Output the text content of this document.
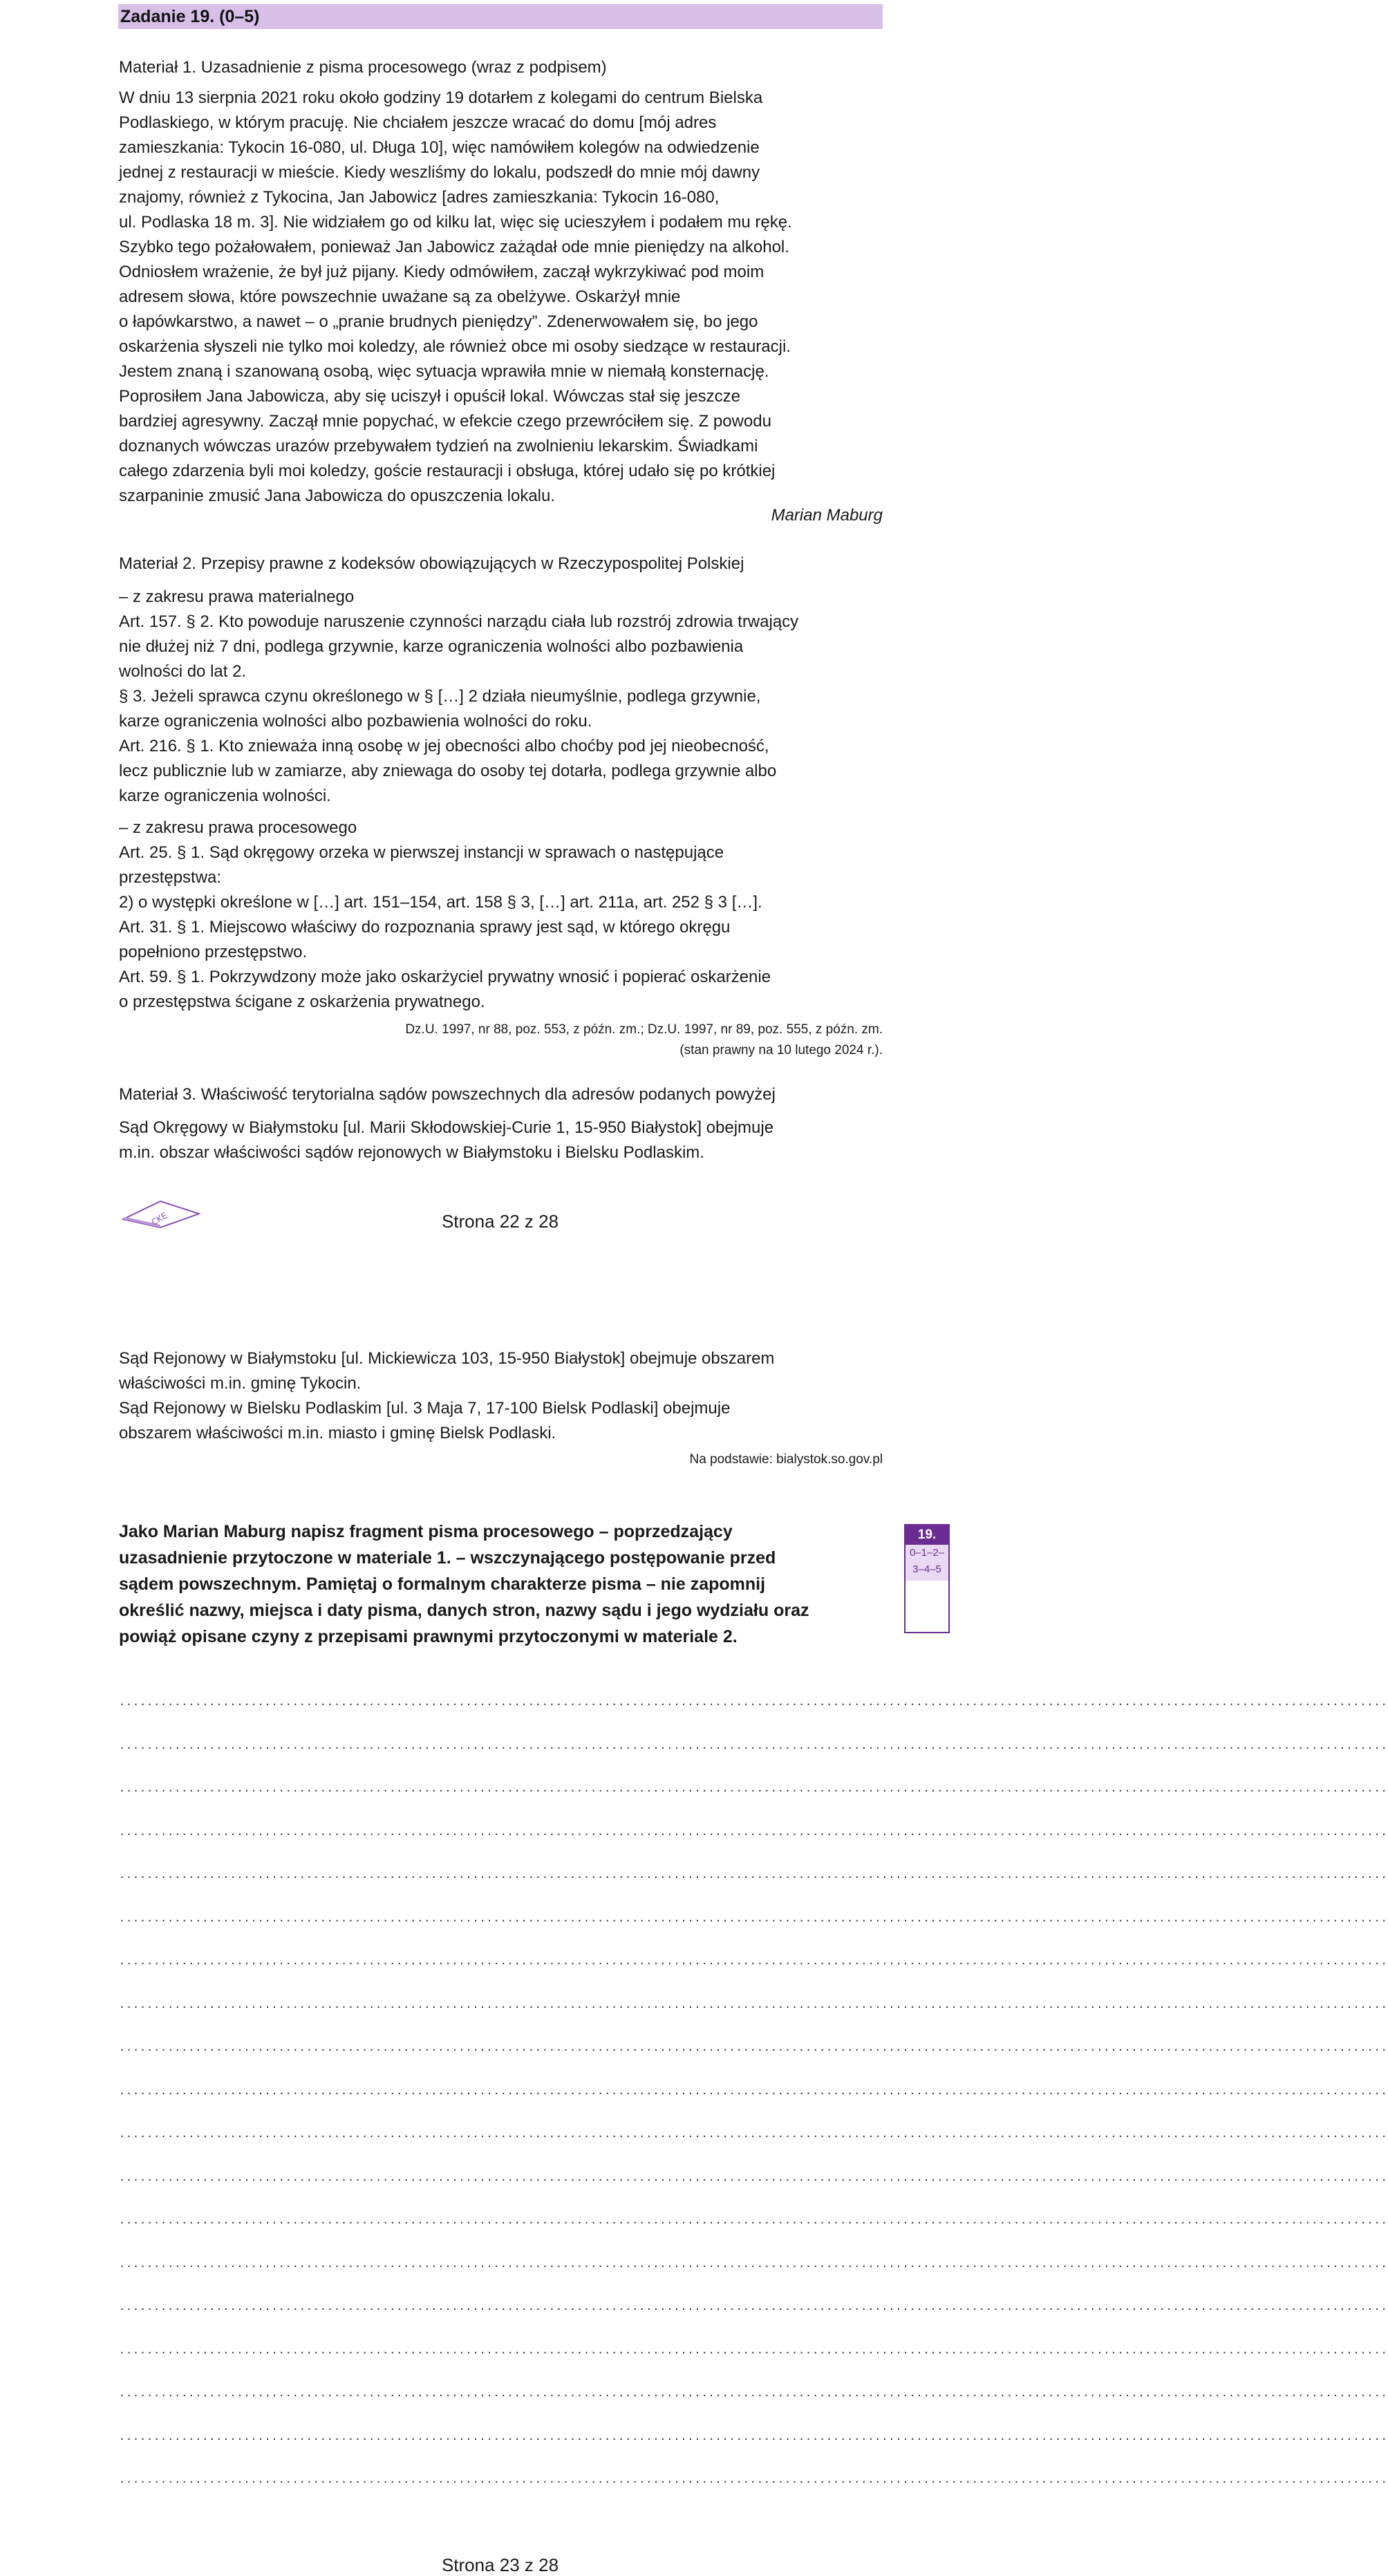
Zadanie 19. (0–5)
Materiał 1. Uzasadnienie z pisma procesowego (wraz z podpisem)
W dniu 13 sierpnia 2021 roku około godziny 19 dotarłem z kolegami do centrum Bielska
Podlaskiego, w którym pracuję. Nie chciałem jeszcze wracać do domu [mój adres
zamieszkania: Tykocin 16-080, ul. Długa 10], więc namówiłem kolegów na odwiedzenie
jednej z restauracji w mieście. Kiedy weszliśmy do lokalu, podszedł do mnie mój dawny
znajomy, również z Tykocina, Jan Jabowicz [adres zamieszkania: Tykocin 16-080,
ul. Podlaska 18 m. 3]. Nie widziałem go od kilku lat, więc się ucieszyłem i podałem mu rękę.
Szybko tego pożałowałem, ponieważ Jan Jabowicz zażądał ode mnie pieniędzy na alkohol.
Odniosłem wrażenie, że był już pijany. Kiedy odmówiłem, zaczął wykrzykiwać pod moim
adresem słowa, które powszechnie uważane są za obelżywe. Oskarżył mnie
o łapówkarstwo, a nawet – o „pranie brudnych pieniędzy”. Zdenerwowałem się, bo jego
oskarżenia słyszeli nie tylko moi koledzy, ale również obce mi osoby siedzące w restauracji.
Jestem znaną i szanowaną osobą, więc sytuacja wprawiła mnie w niemałą konsternację.
Poprosiłem Jana Jabowicza, aby się uciszył i opuścił lokal. Wówczas stał się jeszcze
bardziej agresywny. Zaczął mnie popychać, w efekcie czego przewróciłem się. Z powodu
doznanych wówczas urazów przebywałem tydzień na zwolnieniu lekarskim. Świadkami
całego zdarzenia byli moi koledzy, goście restauracji i obsługa, której udało się po krótkiej
szarpaninie zmusić Jana Jabowicza do opuszczenia lokalu.
Marian Maburg
Materiał 2. Przepisy prawne z kodeksów obowiązujących w Rzeczypospolitej Polskiej
– z zakresu prawa materialnego
Art. 157. § 2. Kto powoduje naruszenie czynności narządu ciała lub rozstrój zdrowia trwający
nie dłużej niż 7 dni, podlega grzywnie, karze ograniczenia wolności albo pozbawienia
wolności do lat 2.
§ 3. Jeżeli sprawca czynu określonego w § […] 2 działa nieumyślnie, podlega grzywnie,
karze ograniczenia wolności albo pozbawienia wolności do roku.
Art. 216. § 1. Kto znieważa inną osobę w jej obecności albo choćby pod jej nieobecność,
lecz publicznie lub w zamiarze, aby zniewaga do osoby tej dotarła, podlega grzywnie albo
karze ograniczenia wolności.
– z zakresu prawa procesowego
Art. 25. § 1. Sąd okręgowy orzeka w pierwszej instancji w sprawach o następujące
przestępstwa:
2) o występki określone w […] art. 151–154, art. 158 § 3, […] art. 211a, art. 252 § 3 […].
Art. 31. § 1. Miejscowo właściwy do rozpoznania sprawy jest sąd, w którego okręgu
popełniono przestępstwo.
Art. 59. § 1. Pokrzywdzony może jako oskarżyciel prywatny wnosić i popierać oskarżenie
o przestępstwa ścigane z oskarżenia prywatnego.
Dz.U. 1997, nr 88, poz. 553, z późn. zm.; Dz.U. 1997, nr 89, poz. 555, z późn. zm.
(stan prawny na 10 lutego 2024 r.).
Materiał 3. Właściwość terytorialna sądów powszechnych dla adresów podanych powyżej
Sąd Okręgowy w Białymstoku [ul. Marii Skłodowskiej-Curie 1, 15-950 Białystok] obejmuje
m.in. obszar właściwości sądów rejonowych w Białymstoku i Bielsku Podlaskim.
CKE	Strona 22 z 28
Sąd Rejonowy w Białymstoku [ul. Mickiewicza 103, 15-950 Białystok] obejmuje obszarem
właściwości m.in. gminę Tykocin.
Sąd Rejonowy w Bielsku Podlaskim [ul. 3 Maja 7, 17-100 Bielsk Podlaski] obejmuje
obszarem właściwości m.in. miasto i gminę Bielsk Podlaski.
Na podstawie: bialystok.so.gov.pl
Jako Marian Maburg napisz fragment pisma procesowego – poprzedzający
uzasadnienie przytoczone w materiale 1. – wszczynającego postępowanie przed
sądem powszechnym. Pamiętaj o formalnym charakterze pisma – nie zapomnij
określić nazwy, miejsca i daty pisma, danych stron, nazwy sądu i jego wydziału oraz
powiąż opisane czyny z przepisami prawnymi przytoczonymi w materiale 2.
19.
0–1–2–
3–4–5
.......................................................................................................................................................................................
.......................................................................................................................................................................................
.......................................................................................................................................................................................
.......................................................................................................................................................................................
.......................................................................................................................................................................................
.......................................................................................................................................................................................
.......................................................................................................................................................................................
.......................................................................................................................................................................................
.......................................................................................................................................................................................
.......................................................................................................................................................................................
.......................................................................................................................................................................................
.......................................................................................................................................................................................
.......................................................................................................................................................................................
.......................................................................................................................................................................................
.......................................................................................................................................................................................
.......................................................................................................................................................................................
.......................................................................................................................................................................................
.......................................................................................................................................................................................
.......................................................................................................................................................................................
Strona 23 z 28
